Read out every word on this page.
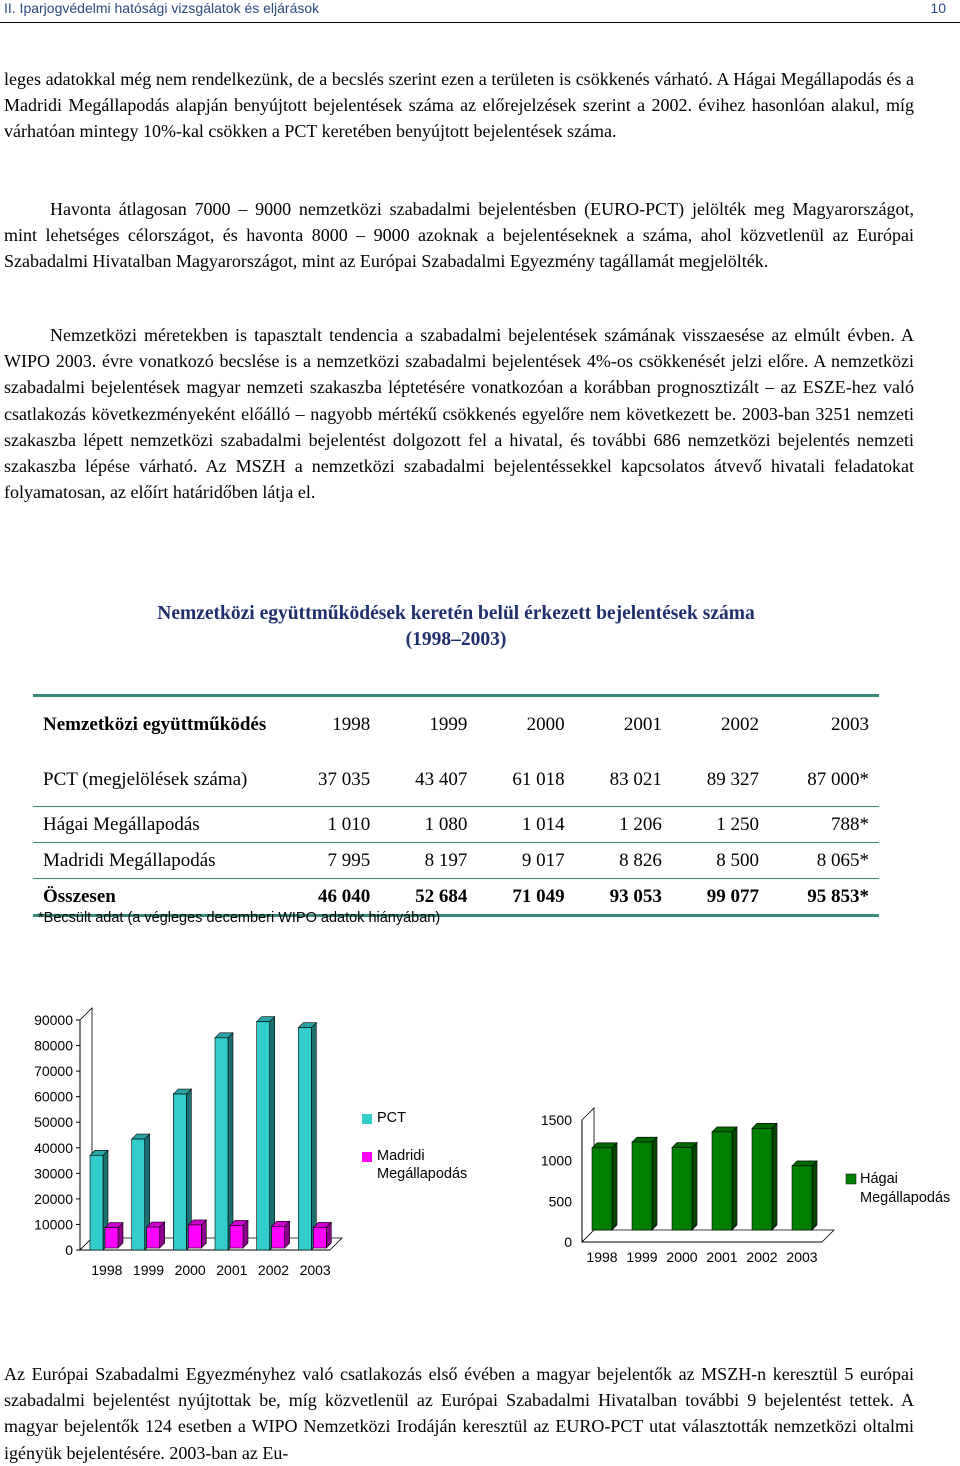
II. Iparjogvédelmi hatósági vizsgálatok és eljárások	10

leges adatokkal még nem rendelkezünk, de a becslés szerint ezen a területen is csökkenés várható. A Hágai Megállapodás és a Madridi Megállapodás alapján benyújtott bejelentések száma az előrejelzések szerint a 2002. évihez hasonlóan alakul, míg várhatóan mintegy 10%-kal csökken a PCT keretében benyújtott bejelentések száma.

Havonta átlagosan 7000 – 9000 nemzetközi szabadalmi bejelentésben (EURO-PCT) jelölték meg Magyarországot, mint lehetséges célországot, és havonta 8000 – 9000 azoknak a bejelentéseknek a száma, ahol közvetlenül az Európai Szabadalmi Hivatalban Magyarországot, mint az Európai Szabadalmi Egyezmény tagállamát megjelölték.

Nemzetközi méretekben is tapasztalt tendencia a szabadalmi bejelentések számának visszaesése az elmúlt évben. A WIPO 2003. évre vonatkozó becslése is a nemzetközi szabadalmi bejelentések 4%-os csökkenését jelzi előre. A nemzetközi szabadalmi bejelentések magyar nemzeti szakaszba léptetésére vonatkozóan a korábban prognosztizált – az ESZE-hez való csatlakozás következményeként előálló – nagyobb mértékű csökkenés egyelőre nem következett be. 2003-ban 3251 nemzeti szakaszba lépett nemzetközi szabadalmi bejelentést dolgozott fel a hivatal, és további 686 nemzetközi bejelentés nemzeti szakaszba lépése várható. Az MSZH a nemzetközi szabadalmi bejelentéssekkel kapcsolatos átvevő hivatali feladatokat folyamatosan, az előírt határidőben látja el.

Nemzetközi együttműködések keretén belül érkezett bejelentések száma
(1998–2003)
Nemzetközi együttműködés	1998	1999	2000	2001	2002	2003
PCT (megjelölések száma)	37 035	43 407	61 018	83 021	89 327	87 000*
Hágai Megállapodás	1 010	1 080	1 014	1 206	1 250	788*
Madridi Megállapodás	7 995	8 197	9 017	8 826	8 500	8 065*
Összesen	46 040	52 684	71 049	93 053	99 077	95 853*
*Becsült adat (a végleges decemberi WIPO adatok hiányában)
90000
80000
70000
60000
50000
40000
30000
20000
10000
0
1998 1999 2000 2001 2002 2003
PCT
Madridi
Megállapodás
1500
1000
500
0
1998 1999 2000 2001 2002 2003
Hágai
Megállapodás

Az Európai Szabadalmi Egyezményhez való csatlakozás első évében a magyar bejelentők az MSZH-n keresztül 5 európai szabadalmi bejelentést nyújtottak be, míg közvetlenül az Európai Szabadalmi Hivatalban további 9 bejelentést tettek. A magyar bejelentők 124 esetben a WIPO Nemzetközi Irodáján keresztül az EURO-PCT utat választották nemzetközi oltalmi igényük bejelentésére. 2003-ban az Eu-
